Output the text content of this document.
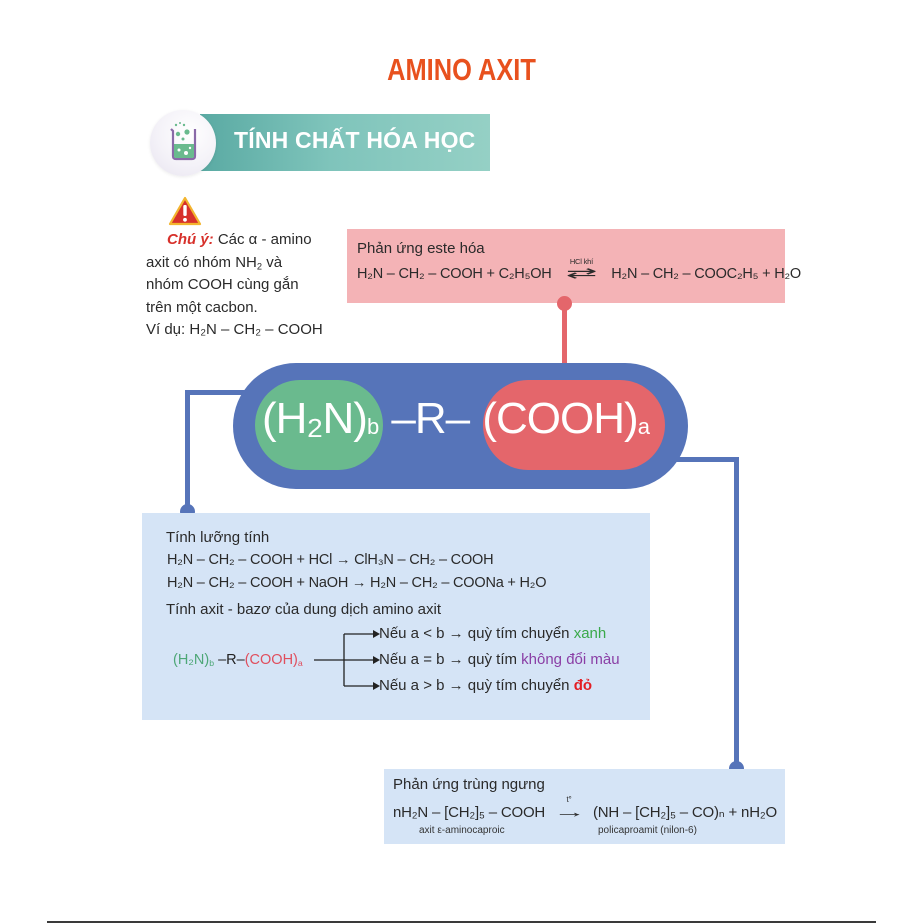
AMINO AXIT
TÍNH CHẤT HÓA HỌC
Chú ý: Các α - amino
axit có nhóm $NH_2$ và
nhóm COOH cùng gắn
trên một cacbon.
Ví dụ: H₂N – CH₂ – COOH
Phản ứng este hóa
H₂N – CH₂ – COOH + C₂H₅OH
HCl khí
⇄ H₂N – CH₂ – COOC₂H₅ + H₂O
(H₂N)b –R– (COOH)a
Tính lưỡng tính
H₂N – CH₂ – COOH + HCl → ClH₃N – CH₂ – COOH
H₂N – CH₂ – COOH + NaOH → H₂N – CH₂ – COONa + H₂O
Tính axit - bazơ của dung dịch amino axit
$(H_2N)_b$ $-R-(COOH)_a$
Nếu a < b → quỳ tím chuyển xanh
Nếu a = b → quỳ tím không đổi màu
Nếu a > b → quỳ tím chuyển đỏ
Phản ứng trùng ngưng
nH₂N – [CH₂]₅ – COOH
t°
→ (NH – [CH₂]₅ – CO)ₙ + nH₂O
axit ε-aminocaproic	policaproamit (nilon-6)
